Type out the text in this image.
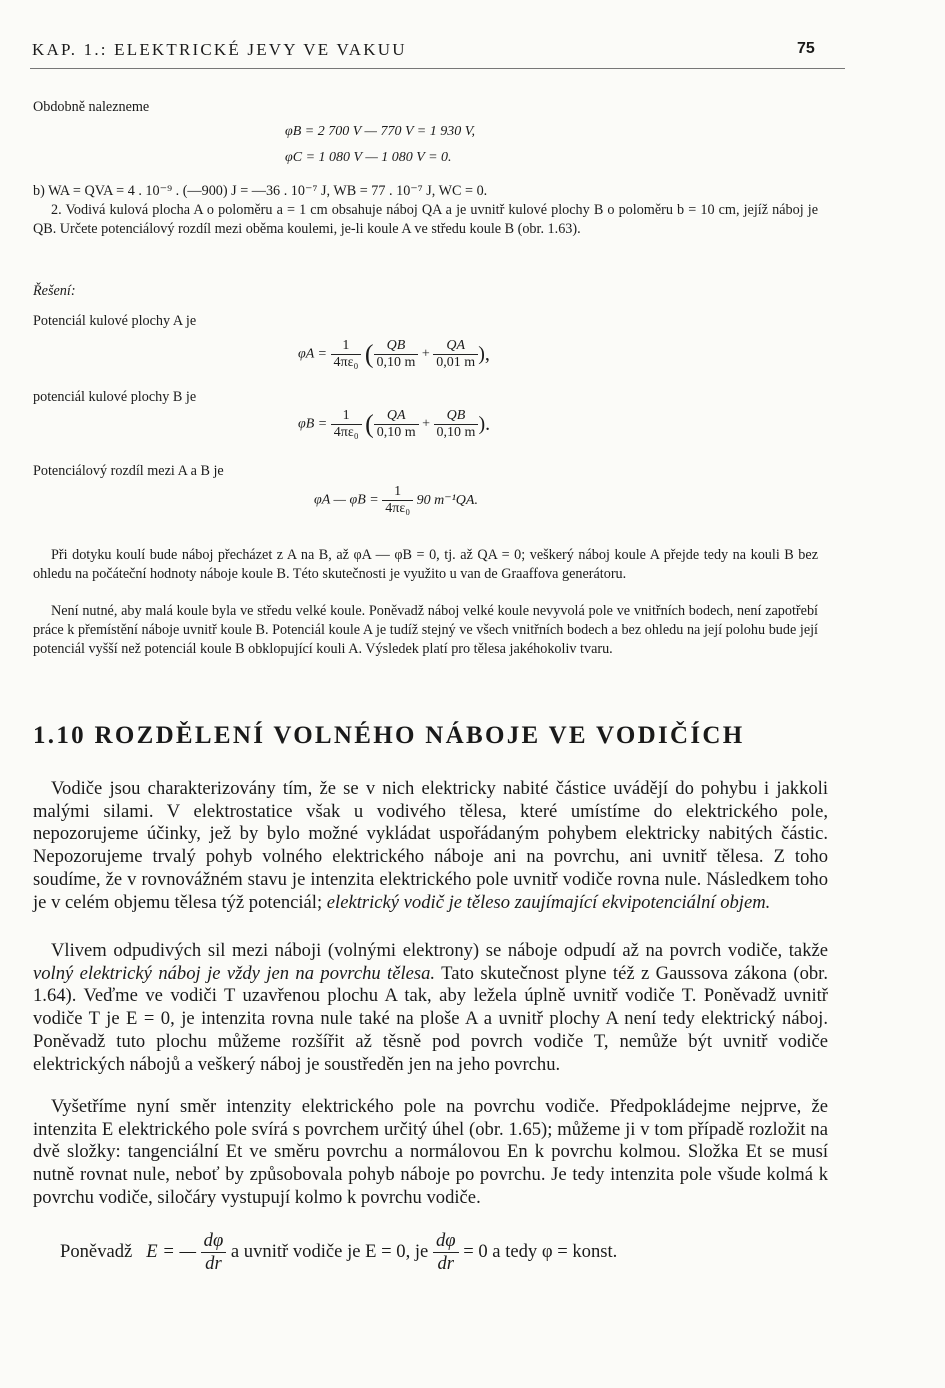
KAP. 1.: ELEKTRICKÉ JEVY VE VAKUU	75
Obdobně nalezneme
φB = 2 700 V — 770 V = 1 930 V,
φC = 1 080 V — 1 080 V = 0.
b) WA = QVA = 4 . 10⁻⁹ . (—900) J = —36 . 10⁻⁷ J, WB = 77 . 10⁻⁷ J, WC = 0.
2. Vodivá kulová plocha A o poloměru a = 1 cm obsahuje náboj QA a je uvnitř kulové plochy B o poloměru b = 10 cm, jejíž náboj je QB. Určete potenciálový rozdíl mezi oběma koulemi, je-li koule A ve středu koule B (obr. 1.63).
Řešení:
Potenciál kulové plochy A je
$\varphi A = \frac{1}{\text{4πε₀}}$ ( $\frac{QB}{0,10 m} + \frac{QA}{0,01 m}$ ),
potenciál kulové plochy B je
$\varphi B = \frac{1}{\text{4πε₀}}$ ( $\frac{QA}{0,10 m} + \frac{QB}{0,10 m}$ ).
Potenciálový rozdíl mezi A a B je
φA — $\varphi B = \frac{1}{\text{4πε₀}} 90$ m⁻¹QA.
Při dotyku koulí bude náboj přecházet z A na B, až φA — φB = 0, tj. až QA = 0; veškerý náboj koule A přejde tedy na kouli B bez ohledu na počáteční hodnoty náboje koule B. Této skutečnosti je využito u van de Graaffova generátoru.
Není nutné, aby malá koule byla ve středu velké koule. Poněvadž náboj velké koule nevyvolá pole ve vnitřních bodech, není zapotřebí práce k přemístění náboje uvnitř koule B. Potenciál koule A je tudíž stejný ve všech vnitřních bodech a bez ohledu na její polohu bude její potenciál vyšší než potenciál koule B obklopující kouli A. Výsledek platí pro tělesa jakéhokoliv tvaru.
1.10 ROZDĚLENÍ VOLNÉHO NÁBOJE VE VODIČÍCH
Vodiče jsou charakterizovány tím, že se v nich elektricky nabité částice uvádějí do pohybu i jakkoli malými silami. V elektrostatice však u vodivého tělesa, které umístíme do elektrického pole, nepozorujeme účinky, jež by bylo možné vykládat uspořádaným pohybem elektricky nabitých částic. Nepozorujeme trvalý pohyb volného elektrického náboje ani na povrchu, ani uvnitř tělesa. Z toho soudíme, že v rovnovážném stavu je intenzita elektrického pole uvnitř vodiče rovna nule. Následkem toho je v celém objemu tělesa týž potenciál; elektrický vodič je těleso zaujímající ekvipotenciální objem.
Vlivem odpudivých sil mezi náboji (volnými elektrony) se náboje odpudí až na povrch vodiče, takže volný elektrický náboj je vždy jen na povrchu tělesa. Tato skutečnost plyne též z Gaussova zákona (obr. 1.64). Veďme ve vodiči T uzavřenou plochu A tak, aby ležela úplně uvnitř vodiče T. Poněvadž uvnitř vodiče T je E = 0, je intenzita rovna nule také na ploše A a uvnitř plochy A není tedy elektrický náboj. Poněvadž tuto plochu můžeme rozšířit až těsně pod povrch vodiče T, nemůže být uvnitř vodiče elektrických nábojů a veškerý náboj je soustředěn jen na jeho povrchu.
Vyšetříme nyní směr intenzity elektrického pole na povrchu vodiče. Předpokládejme nejprve, že intenzita E elektrického pole svírá s povrchem určitý úhel (obr. 1.65); můžeme ji v tom případě rozložit na dvě složky: tangenciální Et ve směru povrchu a normálovou En k povrchu kolmou. Složka Et se musí nutně rovnat nule, neboť by způsobovala pohyb náboje po povrchu. Je tedy intenzita pole všude kolmá k povrchu vodiče, siločáry vystupují kolmo k povrchu vodiče.
Poněvadž E = — $\frac{d\varphi}{dr}$ a uvnitř vodiče je E = 0, je $\frac{d\varphi}{dr} = 0$ a tedy φ = konst.
